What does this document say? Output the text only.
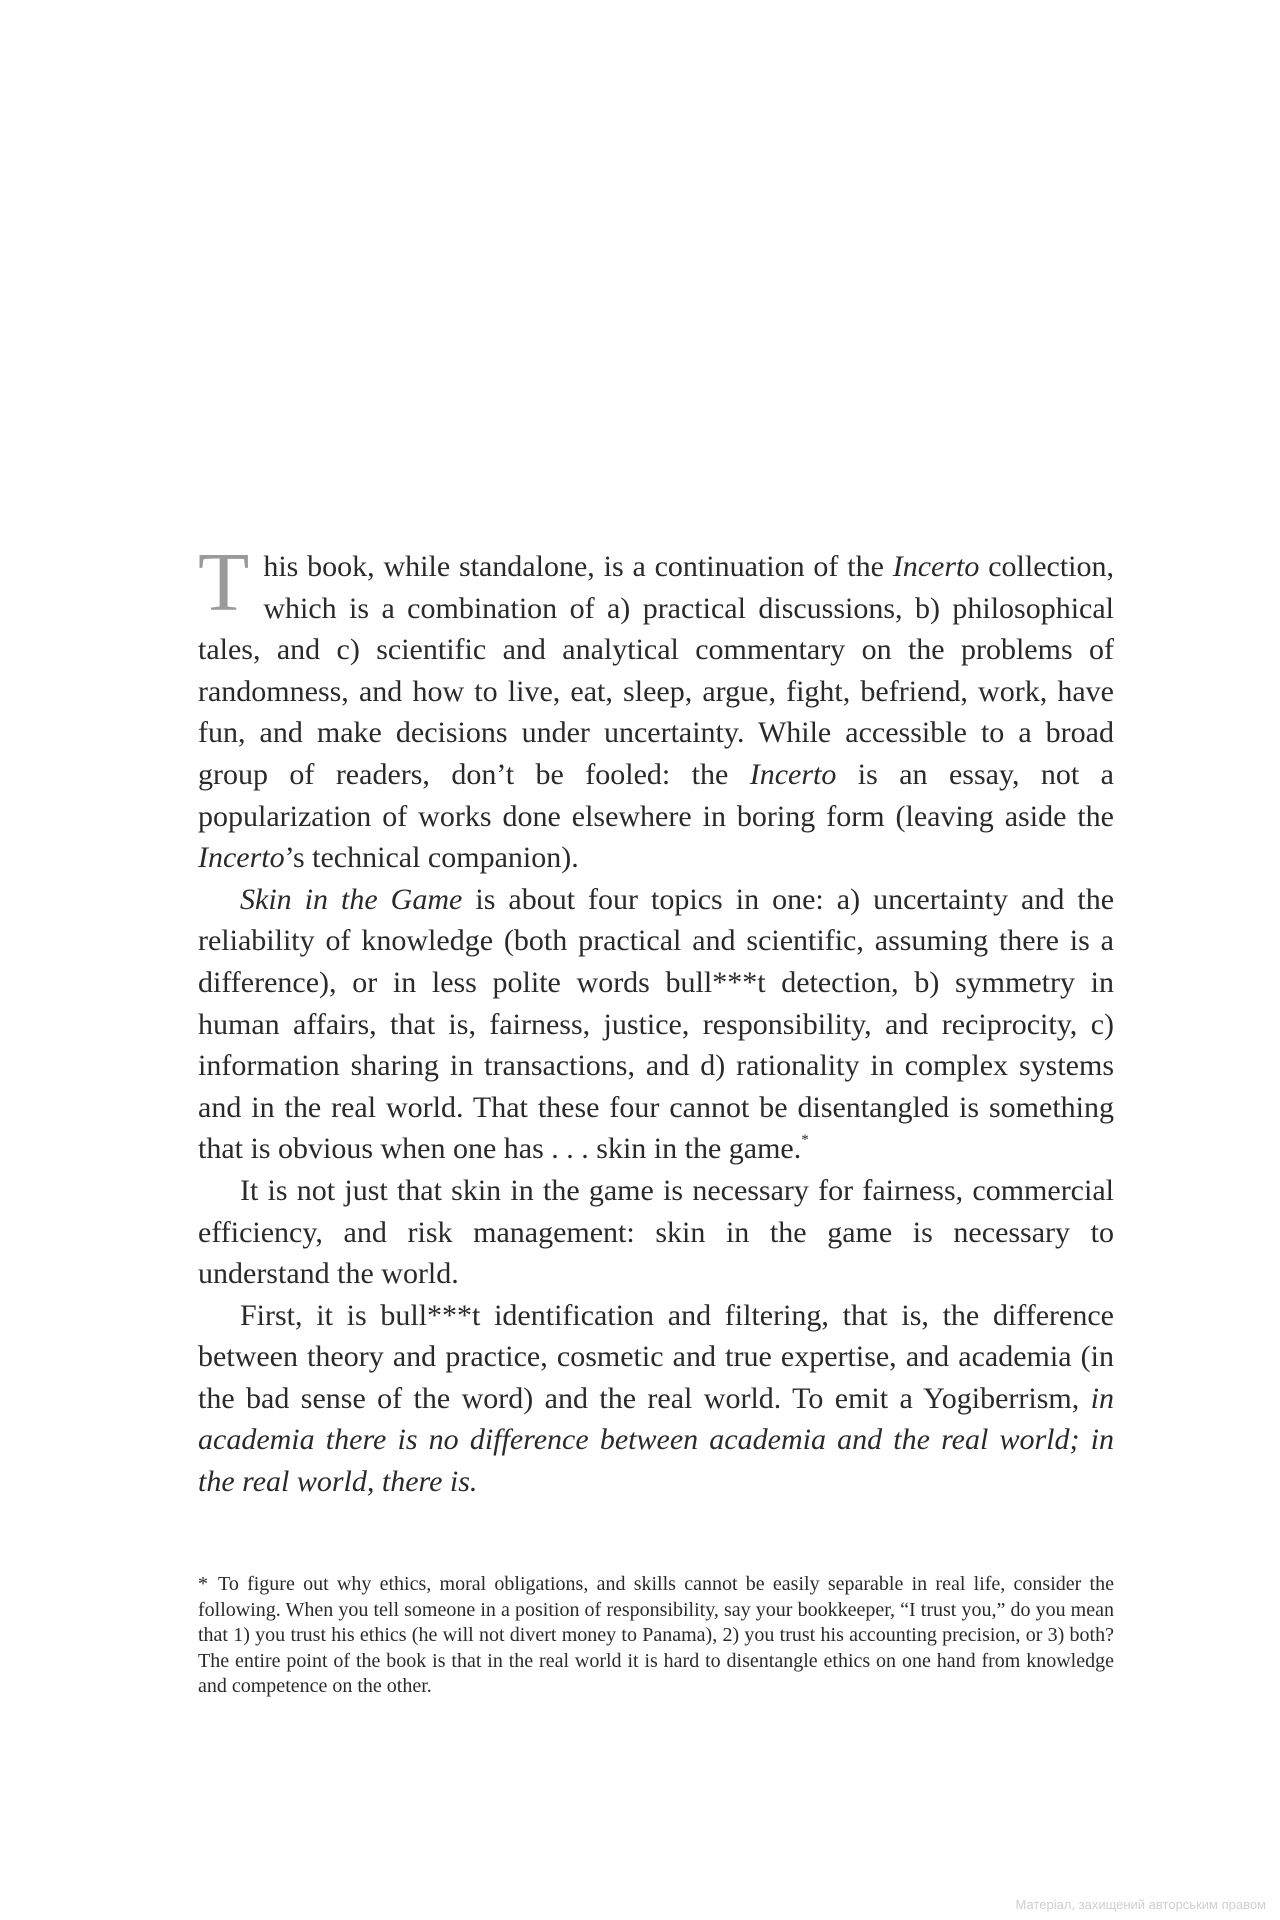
This book, while standalone, is a continuation of the Incerto collection, which is a combination of a) practical discussions, b) philosophical tales, and c) scientific and analytical commentary on the problems of randomness, and how to live, eat, sleep, argue, fight, befriend, work, have fun, and make decisions under uncertainty. While accessible to a broad group of readers, don’t be fooled: the Incerto is an essay, not a popularization of works done elsewhere in boring form (leaving aside the Incerto’s technical companion).

Skin in the Game is about four topics in one: a) uncertainty and the reliability of knowledge (both practical and scientific, assuming there is a difference), or in less polite words bull***t detection, b) symmetry in human affairs, that is, fairness, justice, responsibility, and reciprocity, c) information sharing in transactions, and d) rationality in complex systems and in the real world. That these four cannot be disentangled is something that is obvious when one has . . . skin in the game.*

It is not just that skin in the game is necessary for fairness, commercial efficiency, and risk management: skin in the game is necessary to understand the world.

First, it is bull***t identification and filtering, that is, the difference between theory and practice, cosmetic and true expertise, and academia (in the bad sense of the word) and the real world. To emit a Yogiberrism, in academia there is no difference between academia and the real world; in the real world, there is.

* To figure out why ethics, moral obligations, and skills cannot be easily separable in real life, consider the following. When you tell someone in a position of responsibility, say your bookkeeper, “I trust you,” do you mean that 1) you trust his ethics (he will not divert money to Panama), 2) you trust his accounting precision, or 3) both? The entire point of the book is that in the real world it is hard to disentangle ethics on one hand from knowledge and competence on the other.
Матеріал, захищений авторським правом
